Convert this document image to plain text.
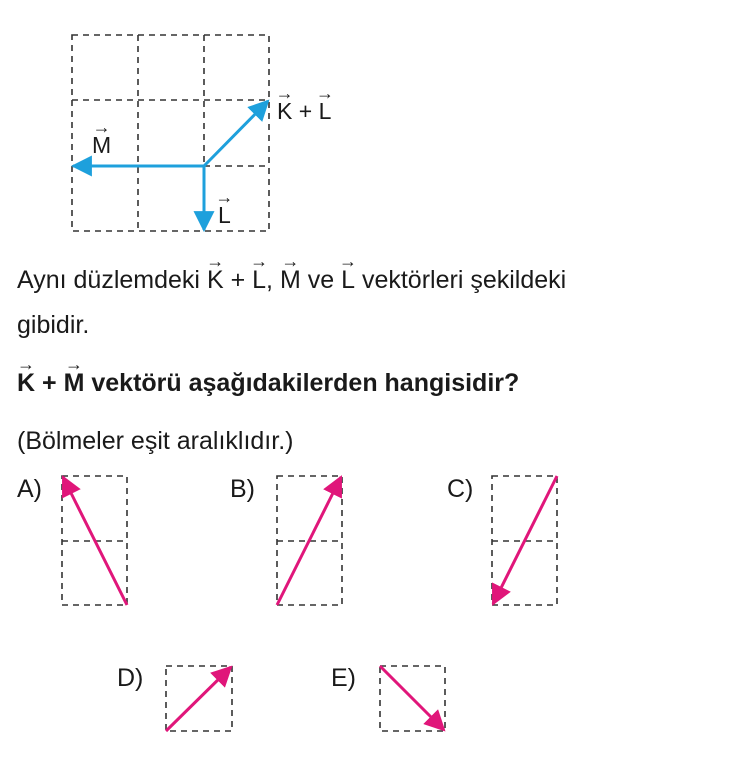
→
K +
→
L
→
M
→
L
Aynı düzlemdeki
→
K +
→
L,
→
M ve
→
L vektörleri şekildeki
gibidir.
→
K +
→
M vektörü aşağıdakilerden hangisidir?
(Bölmeler eşit aralıklıdır.)
A)	B)	C)
D)	E)
